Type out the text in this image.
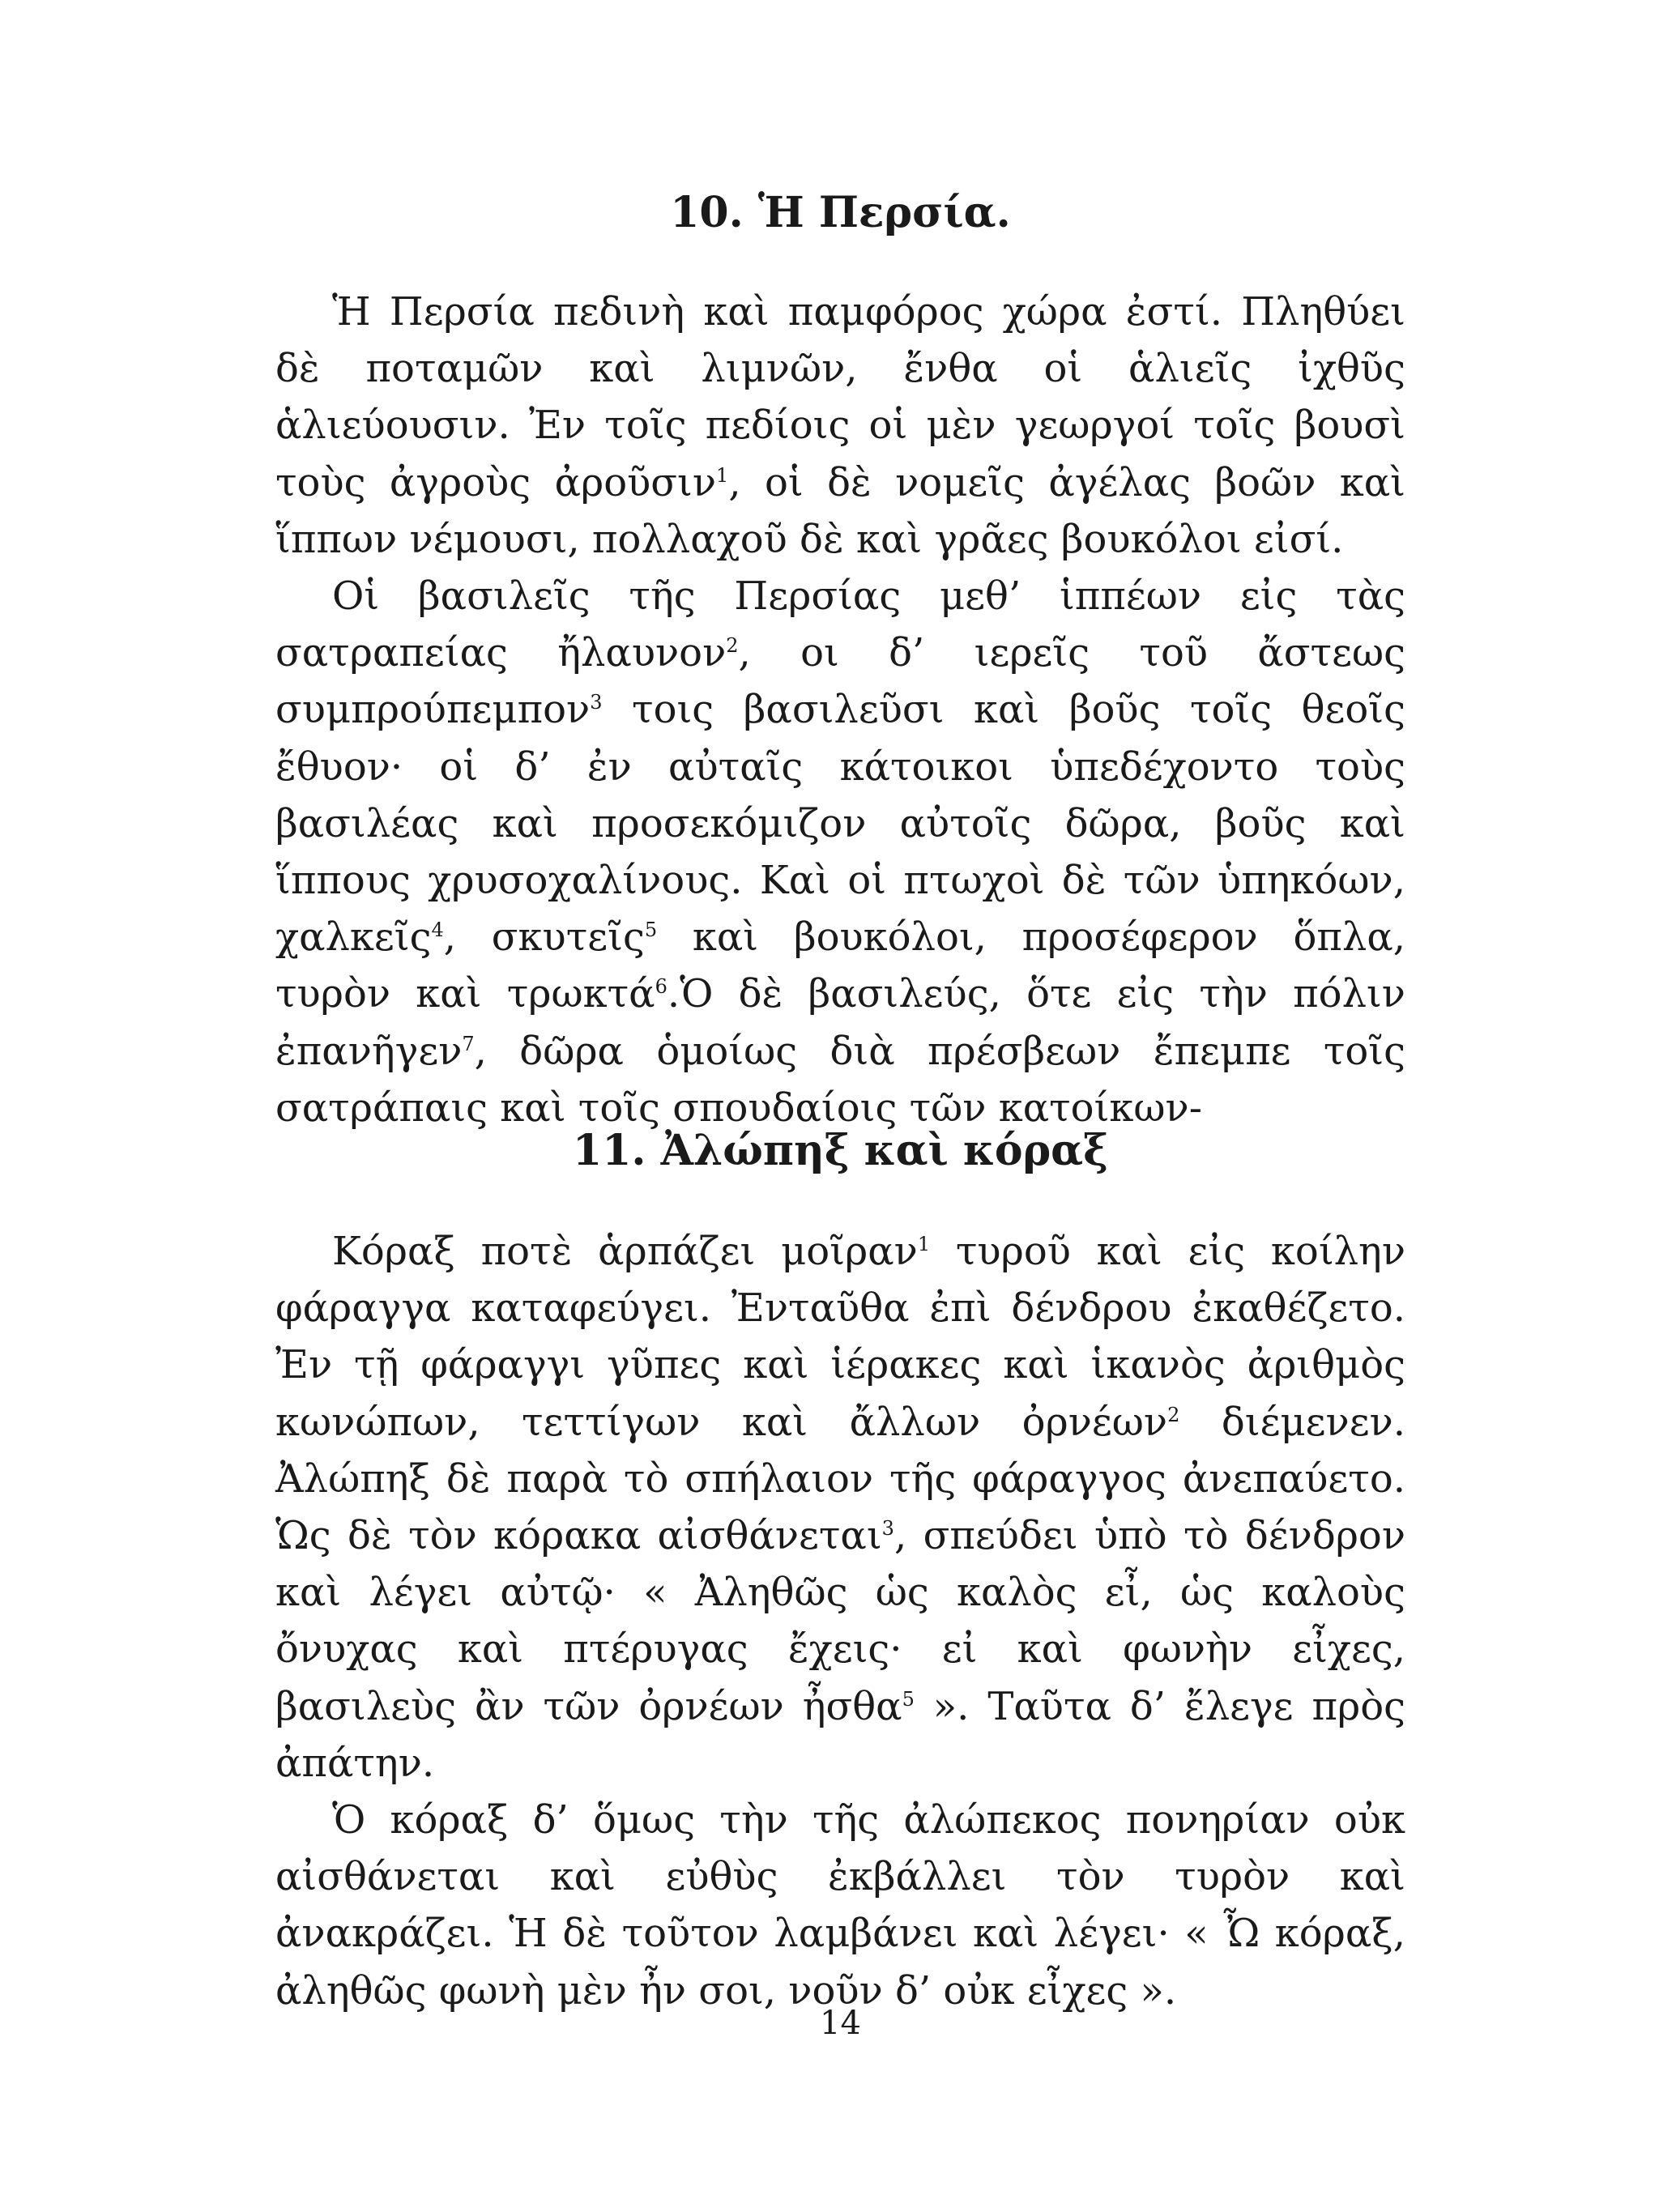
10. Ἡ Περσία.

Ἡ Περσία πεδινὴ καὶ παμφόρος χώρα ἐστί. Πληθύει δὲ ποταμῶν καὶ λιμνῶν, ἔνθα οἱ ἁλιεῖς ἰχθῦς ἁλιεύουσιν. Ἐν τοῖς πεδίοις οἱ μὲν γεωργοί τοῖς βουσὶ τοὺς ἀγροὺς ἀροῦσιν$^1$, οἱ δὲ νομεῖς ἀγέλας βοῶν καὶ ἵππων νέμουσι, πολλαχοῦ δὲ καὶ γρᾶες βουκόλοι εἰσί.

Οἱ βασιλεῖς τῆς Περσίας μεθ’ ἱππέων εἰς τὰς σατραπείας ἤλαυνον$^2$, οι δ’ ιερεῖς τοῦ ἄστεως συμπρούπεμπον$^3$ τοις βασιλεῦσι καὶ βοῦς τοῖς θεοῖς ἔθυον· οἱ δ’ ἐν αὐταῖς κάτοικοι ὑπεδέχοντο τοὺς βασιλέας καὶ προσεκόμιζον αὐτοῖς δῶρα, βοῦς καὶ ἵππους χρυσοχαλίνους. Καὶ οἱ πτωχοὶ δὲ τῶν ὑπηκόων, χαλκεῖς$^4$, σκυτεῖς$^5$ καὶ βουκόλοι, προσέφερον ὅπλα, τυρὸν καὶ τρωκτά$^6$.Ὁ δὲ βασιλεύς, ὅτε εἰς τὴν πόλιν ἐπανῆγεν$^7$, δῶρα ὁμοίως διὰ πρέσβεων ἔπεμπε τοῖς σατράπαις καὶ τοῖς σπουδαίοις τῶν κατοίκων-

11. Ἀλώπηξ καὶ κόραξ

Κόραξ ποτὲ ἁρπάζει μοῖραν$^1$ τυροῦ καὶ εἰς κοίλην φάραγγα καταφεύγει. Ἐνταῦθα ἐπὶ δένδρου ἐκαθέζετο. Ἐν τῇ φάραγγι γῦπες καὶ ἱέρακες καὶ ἱκανὸς ἀριθμὸς κωνώπων, τεττίγων καὶ ἄλλων ὀρνέων$^2$ διέμενεν. Ἀλώπηξ δὲ παρὰ τὸ σπήλαιον τῆς φάραγγος ἀνεπαύετο. Ὡς δὲ τὸν κόρακα αἰσθάνεται$^3$, σπεύδει ὑπὸ τὸ δένδρον καὶ λέγει αὐτῷ· « Ἀληθῶς ὡς καλὸς εἶ, ὡς καλοὺς ὄνυχας καὶ πτέρυγας ἔχεις· εἰ καὶ φωνὴν εἶχες, βασιλεὺς ἂν τῶν ὀρνέων ἦσθα$^5$ ». Ταῦτα δ’ ἔλεγε πρὸς ἀπάτην.

Ὁ κόραξ δ’ ὅμως τὴν τῆς ἀλώπεκος πονηρίαν οὐκ αἰσθάνεται καὶ εὐθὺς ἐκβάλλει τὸν τυρὸν καὶ ἀνακράζει. Ἡ δὲ τοῦτον λαμβάνει καὶ λέγει· « Ὦ κόραξ, ἀληθῶς φωνὴ μὲν ἦν σοι, νοῦν δ’ οὐκ εἶχες ».

14
